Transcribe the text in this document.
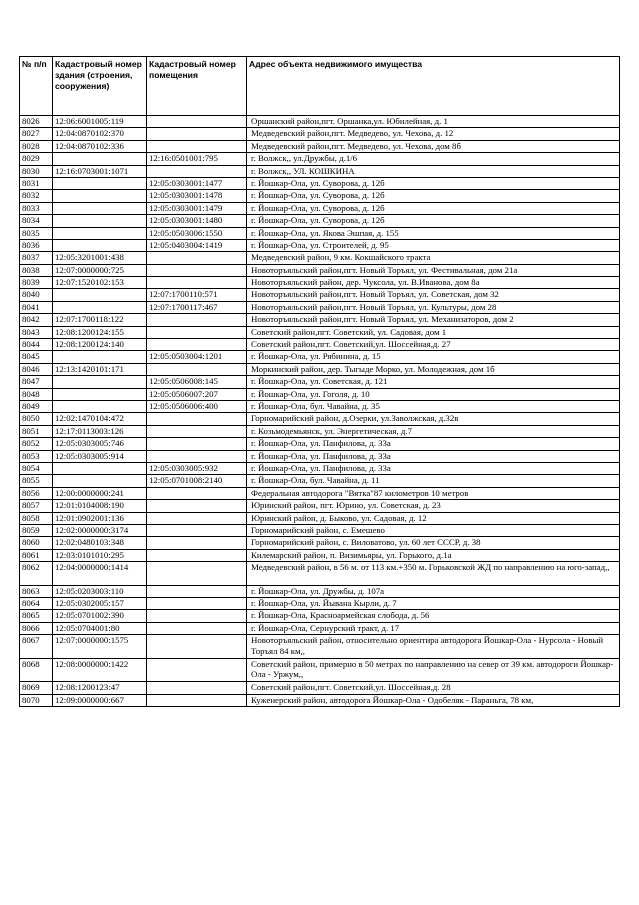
№ п/п	Кадастровый номер здания (строения, сооружения)	Кадастровый номер помещения	Адрес объекта недвижимого имущества
8026	12:06:6001005:119		Оршанский район,пгт. Оршанка,ул. Юбилейная, д. 1
8027	12:04:0870102:370		Медведевский район,пгт. Медведево, ул. Чехова, д. 12
8028	12:04:0870102:336		Медведевский район,пгт. Медведево, ул. Чехова, дом 8б
8029		12:16:0501001:795	г. Волжск,, ул.Дружбы, д.1/6
8030	12:16:0703001:1071		г. Волжск,, УЛ. КОШКИНА
8031		12:05:0303001:1477	г. Йошкар-Ола, ул. Суворова, д. 12б
8032		12:05:0303001:1478	г. Йошкар-Ола, ул. Суворова, д. 12б
8033		12:05:0303001:1479	г. Йошкар-Ола, ул. Суворова, д. 12б
8034		12:05:0303001:1480	г. Йошкар-Ола, ул. Суворова, д. 12б
8035		12:05:0503006:1550	г. Йошкар-Ола, ул. Якова Эшпая, д. 155
8036		12:05:0403004:1419	г. Йошкар-Ола, ул. Строителей, д. 95
8037	12:05:3201001:438		Медведевский район, 9 км. Кокшайского тракта
8038	12:07:0000000:725		Новоторъяльский район,пгт. Новый Торъял, ул. Фестивальная, дом 21а
8039	12:07:1520102:153		Новоторъяльский район, дер. Чуксола, ул. В.Иванова, дом 8а
8040		12:07:1700110:571	Новоторъяльский район,пгт. Новый Торъял, ул. Советская, дом 32
8041		12:07:1700117:467	Новоторъяльский район,пгт. Новый Торъял, ул. Культуры, дом 28
8042	12:07:1700118:122		Новоторъяльский район,пгт. Новый Торъял, ул. Механизаторов, дом 2
8043	12:08:1200124:155		Советский район,пгт. Советский, ул. Садовая, дом 1
8044	12:08:1200124:140		Советский район,пгт. Советский,ул. Шоссейная,д. 27
8045		12:05:0503004:1201	г. Йошкар-Ола, ул. Рябинина, д. 15
8046	12:13:1420101:171		Моркинский район, дер. Тыгыде Морко, ул. Молодежная, дом 1б
8047		12:05:0506008:145	г. Йошкар-Ола, ул. Советская, д. 121
8048		12:05:0506007:207	г. Йошкар-Ола, ул. Гоголя, д. 10
8049		12:05:0506006:400	г. Йошкар-Ола, бул. Чавайна, д. 35
8050	12:02:1470104:472		Горномарийский район, д.Озерки, ул.Заволжская, д.32в
8051	12:17:0113003:126		г. Козьмодемьянск, ул. Энергетическая, д.7
8052	12:05:0303005:746		г. Йошкар-Ола, ул. Панфилова, д. 33а
8053	12:05:0303005:914		г. Йошкар-Ола, ул. Панфилова, д. 33а
8054		12:05:0303005:932	г. Йошкар-Ола, ул. Панфилова, д. 33а
8055		12:05:0701008:2140	г. Йошкар-Ола, бул. Чавайна, д. 11
8056	12:00:0000000:241		Федеральная автодорога "Вятка"87 километров 10 метров
8057	12:01:0104008:190		Юринский район, пгт. Юрино, ул. Советская, д. 23
8058	12:01:0902001:136		Юринский район, д. Быково, ул. Садовая, д. 12
8059	12:02:0000000:3174		Горномарийский район, с. Емешево
8060	12:02:0480103:348		Горномарийский район, с. Виловатово, ул. 60 лет СССР, д. 38
8061	12:03:0101010:295		Килемарский район, п. Визимьяры, ул. Горького, д.1а
8062	12:04:0000000:1414		Медведевский район, в 56 м. от 113 км.+350 м. Горьковской ЖД по направлению на юго-запад,,
8063	12:05:0203003:110		г. Йошкар-Ола, ул. Дружбы, д. 107а
8064	12:05:0302005:157		г. Йошкар-Ола, ул. Йывана Кырли, д. 7
8065	12:05:0701002:390		г. Йошкар-Ола, Красноармейская слобода, д. 56
8066	12:05:0704001:80		г. Йошкар-Ола, Сернурский тракт, д. 17
8067	12:07:0000000:1575		Новоторъяльский район, относительно ориентира автодорога Йошкар-Ола - Нурсола - Новый Торъял 84 км,,
8068	12:08:0000000:1422		Советский район, примерно в 50 метрах по направлению на север от 39 км. автодороги Йошкар-Ола - Уржум,,
8069	12:08:1200123:47		Советский район,пгт. Советский,ул. Шоссейная,д. 28
8070	12:09:0000000:667		Куженерский район, автодорога Йошкар-Ола - Одобеляк - Параньга, 78 км,
